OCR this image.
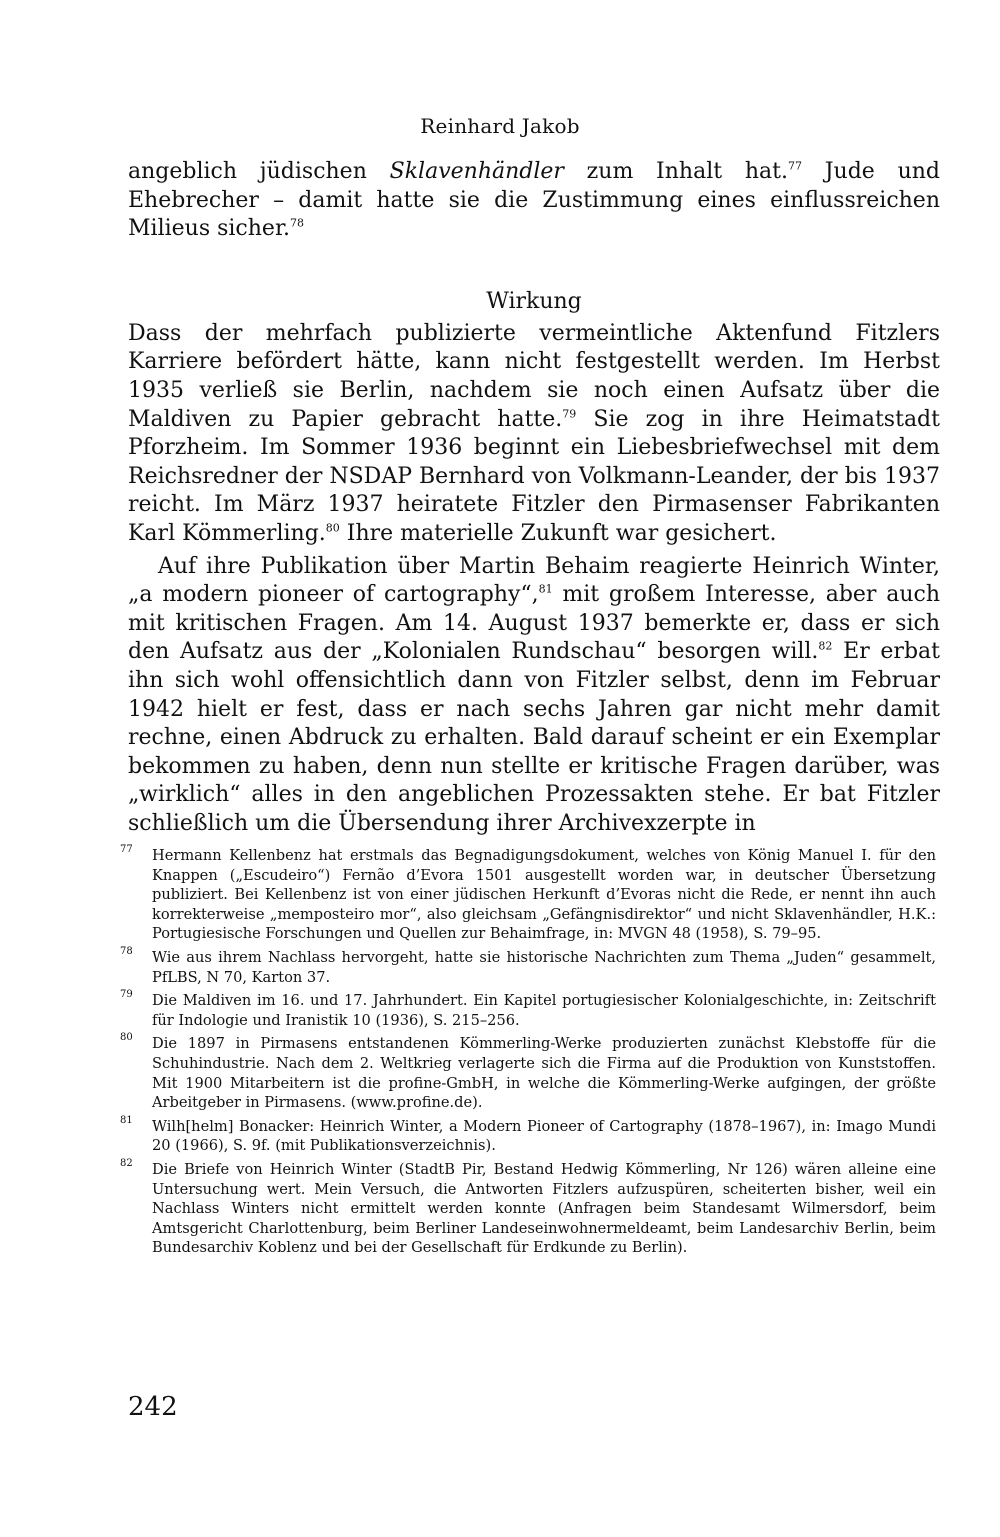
Reinhard Jakob

angeblich jüdischen Sklavenhändler zum Inhalt hat.$^{77}$ Jude und Ehebrecher – damit hatte sie die Zustimmung eines einflussreichen Milieus sicher.$^{78}$

Wirkung

Dass der mehrfach publizierte vermeintliche Aktenfund Fitzlers Karriere befördert hätte, kann nicht festgestellt werden. Im Herbst 1935 verließ sie Berlin, nachdem sie noch einen Aufsatz über die Maldiven zu Papier gebracht hatte.$^{79}$ Sie zog in ihre Heimatstadt Pforzheim. Im Sommer 1936 beginnt ein Liebesbriefwechsel mit dem Reichsredner der NSDAP Bernhard von Volkmann-Leander, der bis 1937 reicht. Im März 1937 heiratete Fitzler den Pirmasenser Fabrikanten Karl Kömmerling.$^{80}$ Ihre materielle Zukunft war gesichert.

Auf ihre Publikation über Martin Behaim reagierte Heinrich Winter, „a modern pioneer of cartography“,$^{81}$ mit großem Interesse, aber auch mit kritischen Fragen. Am 14. August 1937 bemerkte er, dass er sich den Aufsatz aus der „Kolonialen Rundschau“ besorgen will.$^{82}$ Er erbat ihn sich wohl offensichtlich dann von Fitzler selbst, denn im Februar 1942 hielt er fest, dass er nach sechs Jahren gar nicht mehr damit rechne, einen Abdruck zu erhalten. Bald darauf scheint er ein Exemplar bekommen zu haben, denn nun stellte er kritische Fragen darüber, was „wirklich“ alles in den angeblichen Prozessakten stehe. Er bat Fitzler schließlich um die Übersendung ihrer Archivexzerpte in

77 Hermann Kellenbenz hat erstmals das Begnadigungsdokument, welches von König Manuel I. für den Knappen („Escudeiro“) Fernão d’Evora 1501 ausgestellt worden war, in deutscher Übersetzung publiziert. Bei Kellenbenz ist von einer jüdischen Herkunft d’Evoras nicht die Rede, er nennt ihn auch korrekterweise „memposteiro mor“, also gleichsam „Gefängnisdirektor“ und nicht Sklavenhändler, H.K.: Portugiesische Forschungen und Quellen zur Behaimfrage, in: MVGN 48 (1958), S. 79–95.
78 Wie aus ihrem Nachlass hervorgeht, hatte sie historische Nachrichten zum Thema „Juden“ gesammelt, PfLBS, N 70, Karton 37.
79 Die Maldiven im 16. und 17. Jahrhundert. Ein Kapitel portugiesischer Kolonialgeschichte, in: Zeitschrift für Indologie und Iranistik 10 (1936), S. 215–256.
80 Die 1897 in Pirmasens entstandenen Kömmerling-Werke produzierten zunächst Klebstoffe für die Schuhindustrie. Nach dem 2. Weltkrieg verlagerte sich die Firma auf die Produktion von Kunststoffen. Mit 1900 Mitarbeitern ist die profine-GmbH, in welche die Kömmerling-Werke aufgingen, der größte Arbeitgeber in Pirmasens. (www.profine.de).
81 Wilh[helm] Bonacker: Heinrich Winter, a Modern Pioneer of Cartography (1878–1967), in: Imago Mundi 20 (1966), S. 9f. (mit Publikationsverzeichnis).
82 Die Briefe von Heinrich Winter (StadtB Pir, Bestand Hedwig Kömmerling, Nr 126) wären alleine eine Untersuchung wert. Mein Versuch, die Antworten Fitzlers aufzuspüren, scheiterten bisher, weil ein Nachlass Winters nicht ermittelt werden konnte (Anfragen beim Standesamt Wilmersdorf, beim Amtsgericht Charlottenburg, beim Berliner Landeseinwohnermeldeamt, beim Landesarchiv Berlin, beim Bundesarchiv Koblenz und bei der Gesellschaft für Erdkunde zu Berlin).
242
